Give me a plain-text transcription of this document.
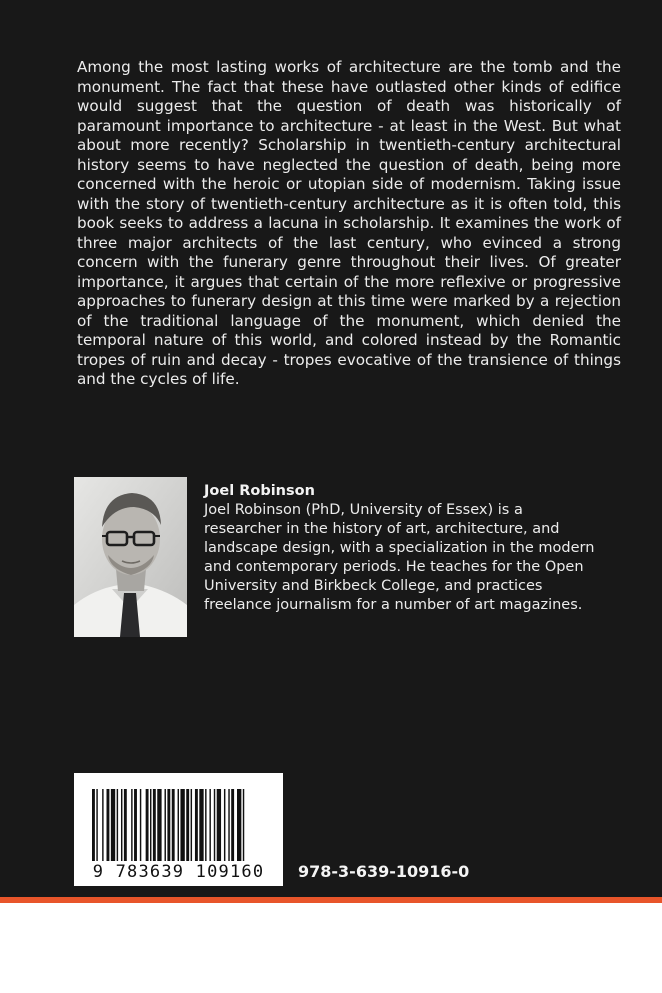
Among the most lasting works of architecture are the tomb and the monument. The fact that these have outlasted other kinds of edifice would suggest that the question of death was historically of paramount importance to architecture - at least in the West. But what about more recently? Scholarship in twentieth-century architectural history seems to have neglected the question of death, being more concerned with the heroic or utopian side of modernism. Taking issue with the story of twentieth-century architecture as it is often told, this book seeks to address a lacuna in scholarship. It examines the work of three major architects of the last century, who evinced a strong concern with the funerary genre throughout their lives. Of greater importance, it argues that certain of the more reflexive or progressive approaches to funerary design at this time were marked by a rejection of the traditional language of the monument, which denied the temporal nature of this world, and colored instead by the Romantic tropes of ruin and decay - tropes evocative of the transience of things and the cycles of life.

Joel Robinson

Joel Robinson (PhD, University of Essex) is a researcher in the history of art, architecture, and landscape design, with a specialization in the modern and contemporary periods. He teaches for the Open University and Birkbeck College, and practices freelance journalism for a number of art magazines.

9 783639 109160	978-3-639-10916-0
